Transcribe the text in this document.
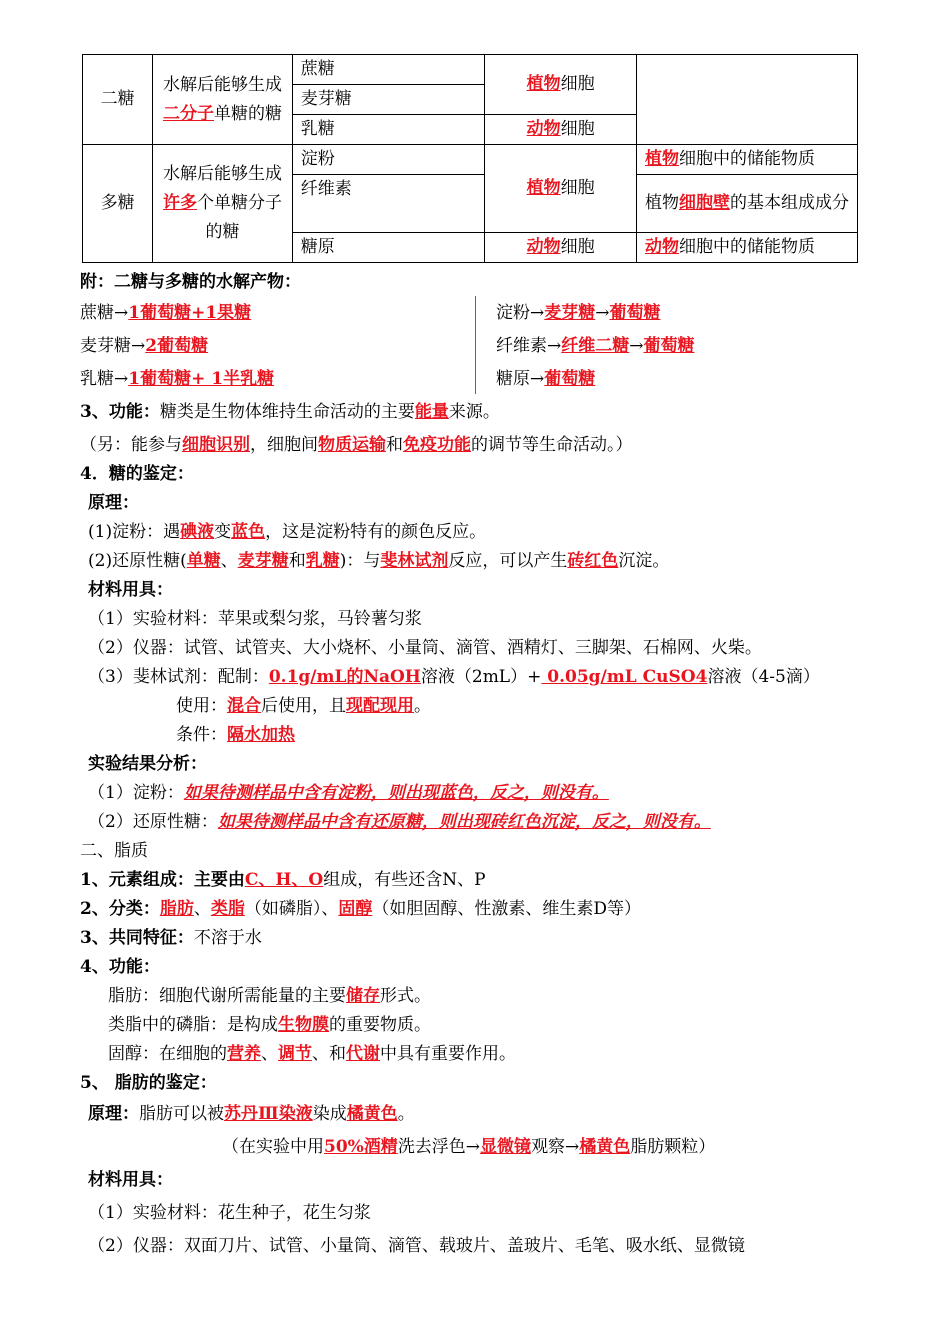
二糖	水解后能够生成二分子单糖的糖	蔗糖	植物细胞	
		麦芽糖		
		乳糖	动物细胞	
多糖	水解后能够生成许多个单糖分子的糖	淀粉	植物细胞	植物细胞中的储能物质
		纤维素		植物细胞壁的基本组成成分
		糖原	动物细胞	动物细胞中的储能物质
附：二糖与多糖的水解产物：
蔗糖→1葡萄糖+1果糖
麦芽糖→2葡萄糖
乳糖→1葡萄糖+ 1半乳糖
淀粉→麦芽糖→葡萄糖
纤维素→纤维二糖→葡萄糖
糖原→葡萄糖
3、功能：糖类是生物体维持生命活动的主要能量来源。
（另：能参与细胞识别，细胞间物质运输和免疫功能的调节等生命活动。）
4．糖的鉴定：
原理：
(1)淀粉：遇碘液变蓝色，这是淀粉特有的颜色反应。
(2)还原性糖(单糖、麦芽糖和乳糖)：与斐林试剂反应，可以产生砖红色沉淀。
材料用具：
（1）实验材料：苹果或梨匀浆，马铃薯匀浆
（2）仪器：试管、试管夹、大小烧杯、小量筒、滴管、酒精灯、三脚架、石棉网、火柴。
（3）斐林试剂：配制：0.1g/mL的NaOH溶液（2mL）+ 0.05g/mL CuSO4溶液（4-5滴）
使用：混合后使用，且现配现用。
条件：隔水加热
实验结果分析：
（1）淀粉：如果待测样品中含有淀粉，则出现蓝色，反之，则没有。
（2）还原性糖：如果待测样品中含有还原糖，则出现砖红色沉淀，反之，则没有。
二、脂质
1、元素组成：主要由C、H、O组成，有些还含N、P
2、分类：脂肪、类脂（如磷脂）、固醇（如胆固醇、性激素、维生素D等）
3、共同特征：不溶于水
4、功能：
脂肪：细胞代谢所需能量的主要储存形式。
类脂中的磷脂：是构成生物膜的重要物质。
固醇：在细胞的营养、调节、和代谢中具有重要作用。
5、 脂肪的鉴定：
原理：脂肪可以被苏丹Ⅲ染液染成橘黄色。
（在实验中用50%酒精洗去浮色→显微镜观察→橘黄色脂肪颗粒）
材料用具：
（1）实验材料：花生种子，花生匀浆
（2）仪器：双面刀片、试管、小量筒、滴管、载玻片、盖玻片、毛笔、吸水纸、显微镜
